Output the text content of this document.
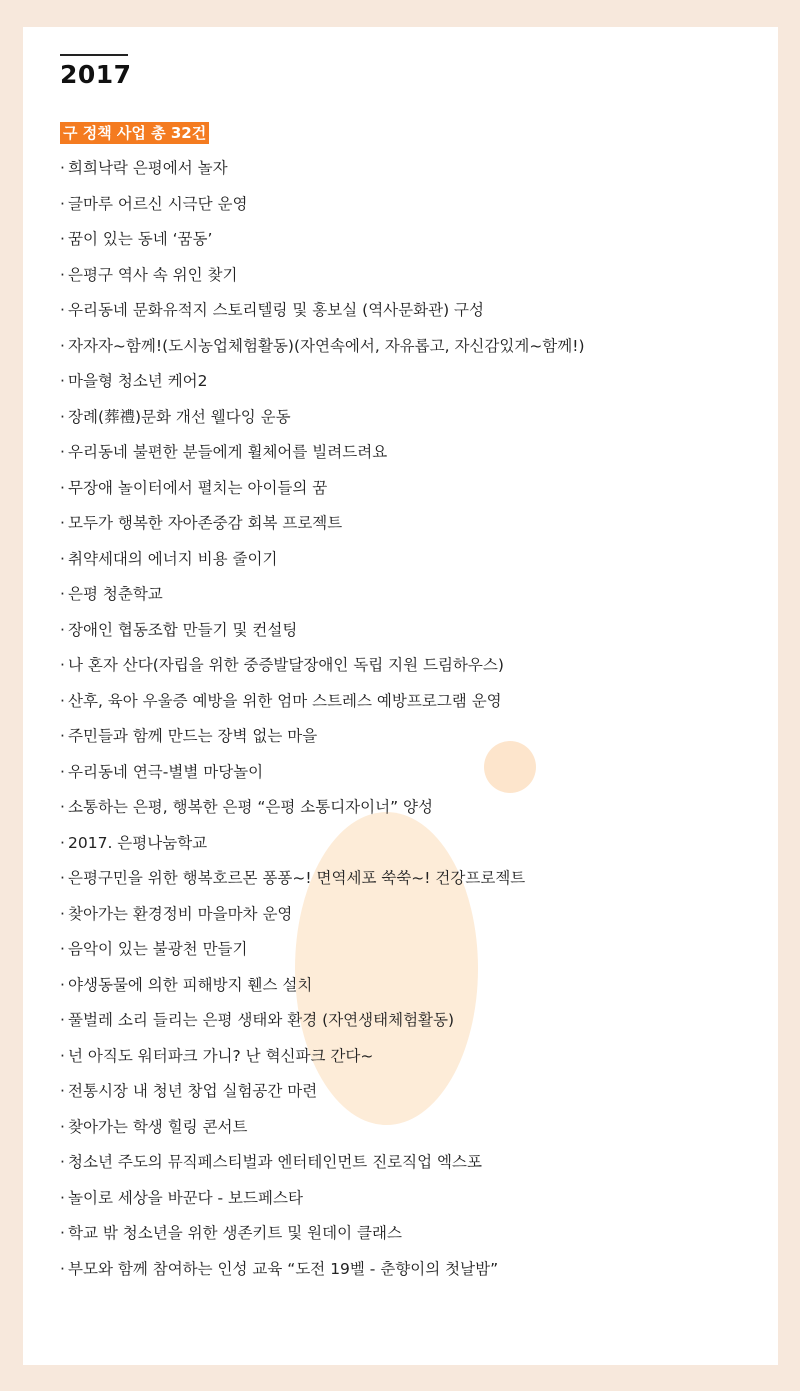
2017
구 정책 사업 총 32건
· 희희낙락 은평에서 놀자
· 글마루 어르신 시극단 운영
· 꿈이 있는 동네 ‘꿈동’
· 은평구 역사 속 위인 찾기
· 우리동네 문화유적지 스토리텔링 및 홍보실 (역사문화관) 구성
· 자자자~함께!(도시농업체험활동)(자연속에서, 자유롭고, 자신감있게~함께!)
· 마을형 청소년 케어2
· 장례(葬禮)문화 개선 웰다잉 운동
· 우리동네 불편한 분들에게 휠체어를 빌려드려요
· 무장애 놀이터에서 펼치는 아이들의 꿈
· 모두가 행복한 자아존중감 회복 프로젝트
· 취약세대의 에너지 비용 줄이기
· 은평 청춘학교
· 장애인 협동조합 만들기 및 컨설팅
· 나 혼자 산다(자립을 위한 중증발달장애인 독립 지원 드림하우스)
· 산후, 육아 우울증 예방을 위한 엄마 스트레스 예방프로그램 운영
· 주민들과 함께 만드는 장벽 없는 마을
· 우리동네 연극-별별 마당놀이
· 소통하는 은평, 행복한 은평 “은평 소통디자이너” 양성
· 2017. 은평나눔학교
· 은평구민을 위한 행복호르몬 퐁퐁~! 면역세포 쑥쑥~! 건강프로젝트
· 찾아가는 환경정비 마을마차 운영
· 음악이 있는 불광천 만들기
· 야생동물에 의한 피해방지 휀스 설치
· 풀벌레 소리 들리는 은평 생태와 환경 (자연생태체험활동)
· 넌 아직도 워터파크 가니? 난 혁신파크 간다~
· 전통시장 내 청년 창업 실험공간 마련
· 찾아가는 학생 힐링 콘서트
· 청소년 주도의 뮤직페스티벌과 엔터테인먼트 진로직업 엑스포
· 놀이로 세상을 바꾼다 - 보드페스타
· 학교 밖 청소년을 위한 생존키트 및 원데이 클래스
· 부모와 함께 참여하는 인성 교육 “도전 19벨 - 춘향이의 첫날밤”
